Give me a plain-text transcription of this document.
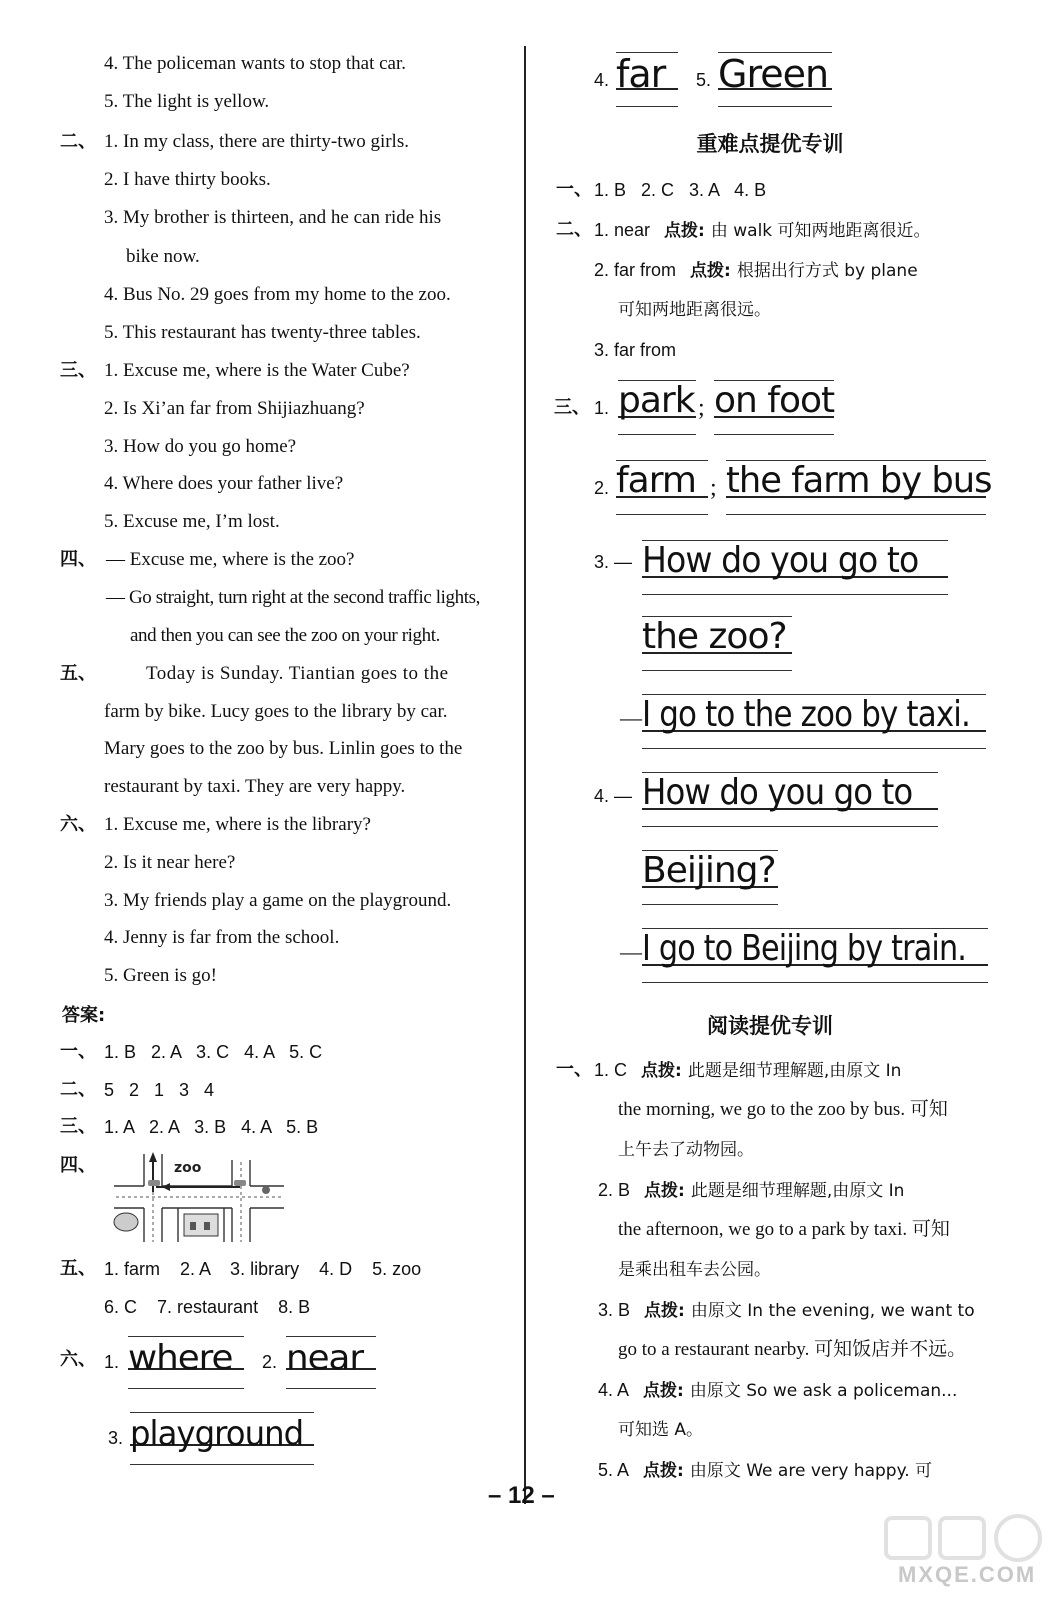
4. The policeman wants to stop that car.
5. The light is yellow.
二、 1. In my class, there are thirty-two girls.
2. I have thirty books.
3. My brother is thirteen, and he can ride his
bike now.
4. Bus No. 29 goes from my home to the zoo.
5. This restaurant has twenty-three tables.
三、 1. Excuse me, where is the Water Cube?
2. Is Xi’an far from Shijiazhuang?
3. How do you go home?
4. Where does your father live?
5. Excuse me, I’m lost.
四、 — Excuse me, where is the zoo?
— Go straight, turn right at the second traffic lights,
and then you can see the zoo on your right.
五、	Today is Sunday. Tiantian goes to the
farm by bike. Lucy goes to the library by car.
Mary goes to the zoo by bus. Linlin goes to the
restaurant by taxi. They are very happy.
六、 1. Excuse me, where is the library?
2. Is it near here?
3. My friends play a game on the playground.
4. Jenny is far from the school.
5. Green is go!
答案:
一、 1. B   2. A   3. C   4. A   5. C
二、 5   2   1   3   4
三、 1. A   2. A   3. B   4. A   5. B
四、	zoo
五、 1. farm    2. A    3. library    4. D    5. zoo
6. C    7. restaurant    8. B
六、 1. where 2. near
3. playground
4. far 5. Green
重难点提优专训
一、 1. B   2. C   3. A   4. B
二、 1. near 点拨: 由 walk 可知两地距离很近。
2. far from 点拨: 根据出行方式 by plane
可知两地距离很远。
3. far from
三、 1. park ; on foot
2. farm ; the farm by bus
3. — How do you go to
the zoo?
— I go to the zoo by taxi.
4. — How do you go to
Beijing?
— I go to Beijing by train.
阅读提优专训
一、 1. C 点拨: 此题是细节理解题,由原文 In
the morning, we go to the zoo by bus. 可知
上午去了动物园。
2. B 点拨: 此题是细节理解题,由原文 In
the afternoon, we go to a park by taxi. 可知
是乘出租车去公园。
3. B 点拨: 由原文 In the evening, we want to
go to a restaurant nearby. 可知饭店并不远。
4. A 点拨: 由原文 So we ask a policeman...
可知选 A。
5. A 点拨: 由原文 We are very happy. 可
– 12 –
MXQE.COM
